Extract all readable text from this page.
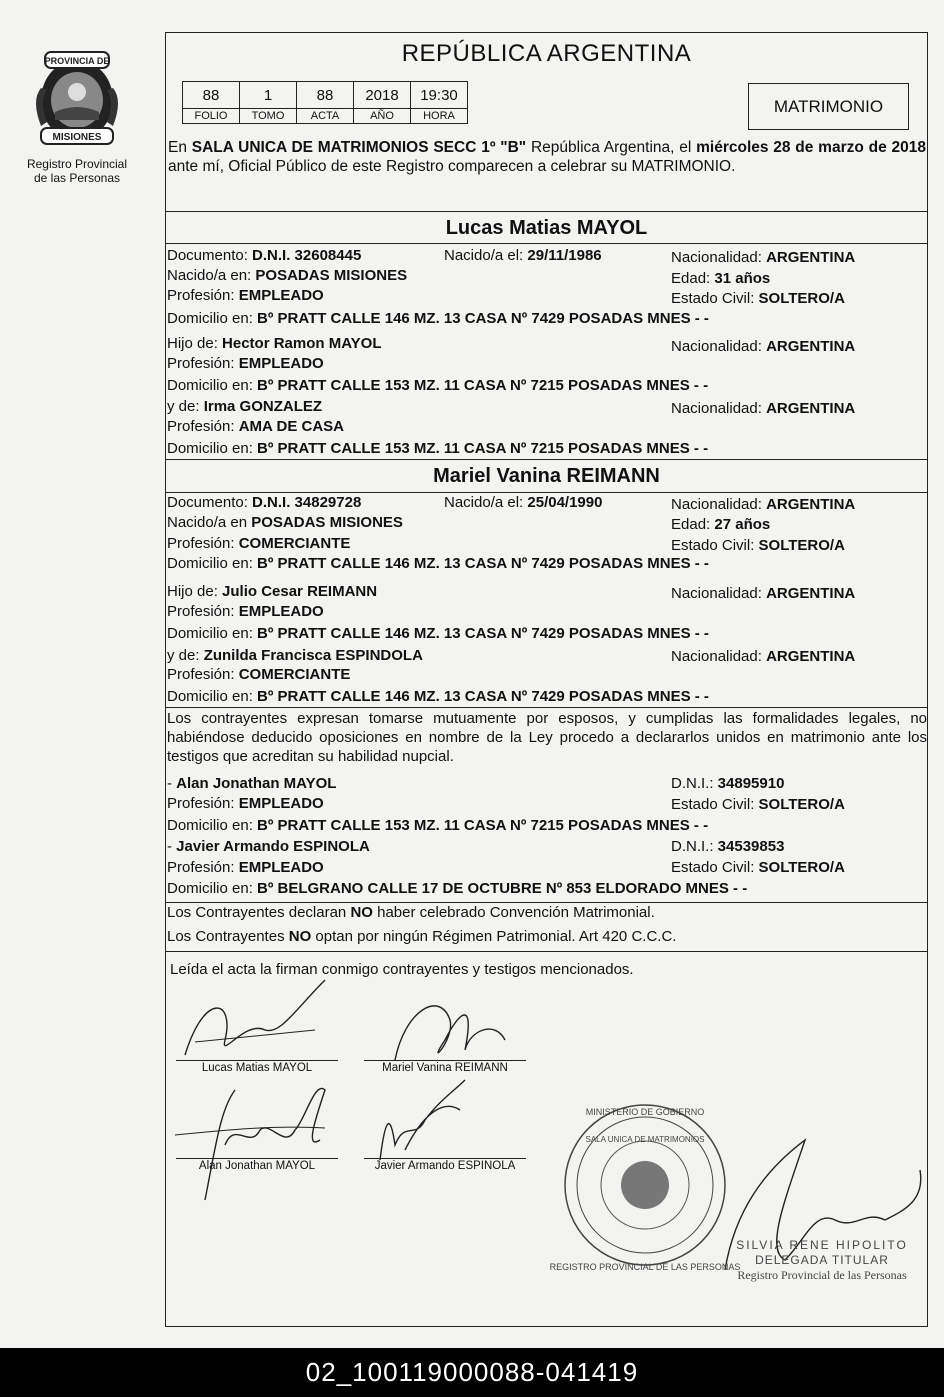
PROVINCIA DE
MISIONES
Registro Provincial
de las Personas
REPÚBLICA ARGENTINA
88	1	88	2018	19:30
FOLIO	TOMO	ACTA	AÑO	HORA	MATRIMONIO
En SALA UNICA DE MATRIMONIOS SECC 1º "B" República Argentina, el miércoles 28 de marzo de 2018 ante mí, Oficial Público de este Registro comparecen a celebrar su MATRIMONIO.
Lucas Matias MAYOL
Documento: D.N.I. 32608445	Nacido/a el: 29/11/1986	Nacionalidad: ARGENTINA
Nacido/a en: POSADAS MISIONES	Edad: 31 años
Profesión: EMPLEADO	Estado Civil: SOLTERO/A
Domicilio en: Bº PRATT CALLE 146 MZ. 13 CASA Nº 7429 POSADAS MNES - -
Hijo de: Hector Ramon MAYOL	Nacionalidad: ARGENTINA
Profesión: EMPLEADO
Domicilio en: Bº PRATT CALLE 153 MZ. 11 CASA Nº 7215 POSADAS MNES - -
y de: Irma GONZALEZ	Nacionalidad: ARGENTINA
Profesión: AMA DE CASA
Domicilio en: Bº PRATT CALLE 153 MZ. 11 CASA Nº 7215 POSADAS MNES - -
Mariel Vanina REIMANN
Documento: D.N.I. 34829728	Nacido/a el: 25/04/1990	Nacionalidad: ARGENTINA
Nacido/a en POSADAS MISIONES	Edad: 27 años
Profesión: COMERCIANTE	Estado Civil: SOLTERO/A
Domicilio en: Bº PRATT CALLE 146 MZ. 13 CASA Nº 7429 POSADAS MNES - -
Hijo de: Julio Cesar REIMANN	Nacionalidad: ARGENTINA
Profesión: EMPLEADO
Domicilio en: Bº PRATT CALLE 146 MZ. 13 CASA Nº 7429 POSADAS MNES - -
y de: Zunilda Francisca ESPINDOLA	Nacionalidad: ARGENTINA
Profesión: COMERCIANTE
Domicilio en: Bº PRATT CALLE 146 MZ. 13 CASA Nº 7429 POSADAS MNES - -
Los contrayentes expresan tomarse mutuamente por esposos, y cumplidas las formalidades legales, no habiéndose deducido oposiciones en nombre de la Ley procedo a declararlos unidos en matrimonio ante los testigos que acreditan su habilidad nupcial.
- Alan Jonathan MAYOL	D.N.I.: 34895910
Profesión: EMPLEADO	Estado Civil: SOLTERO/A
Domicilio en: Bº PRATT CALLE 153 MZ. 11 CASA Nº 7215 POSADAS MNES - -
- Javier Armando ESPINOLA	D.N.I.: 34539853
Profesión: EMPLEADO	Estado Civil: SOLTERO/A
Domicilio en: Bº BELGRANO CALLE 17 DE OCTUBRE Nº 853 ELDORADO MNES - -
Los Contrayentes declaran NO haber celebrado Convención Matrimonial.
Los Contrayentes NO optan por ningún Régimen Patrimonial. Art 420 C.C.C.
Leída el acta la firman conmigo contrayentes y testigos mencionados.
MINISTERIO DE GOBIERNO
REGISTRO PROVINCIAL DE LAS PERSONAS
SALA UNICA DE MATRIMONIOS
Lucas Matias MAYOL	Mariel Vanina REIMANN
Alan Jonathan MAYOL	Javier Armando ESPINOLA
SILVIA RENE HIPOLITO
DELEGADA TITULAR
Registro Provincial de las Personas
02_100119000088-041419
